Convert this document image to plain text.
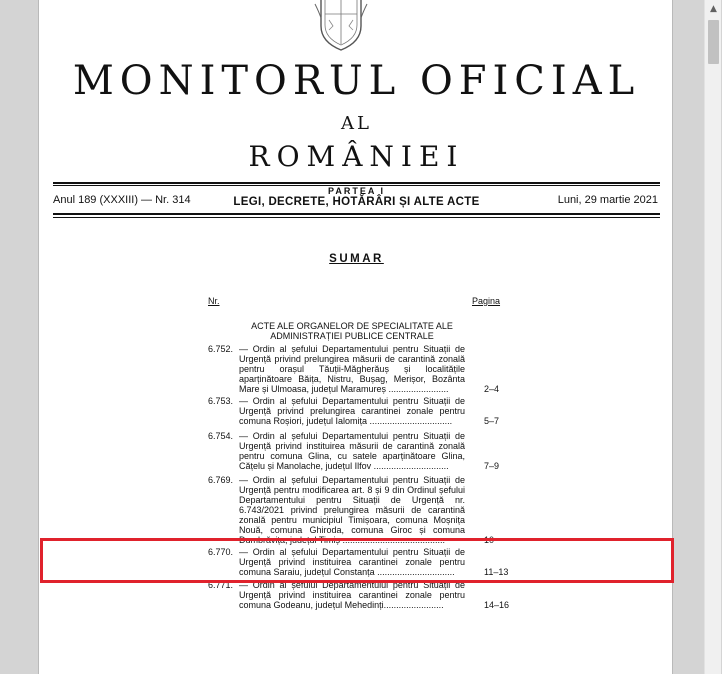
MONITORUL OFICIAL
AL
ROMÂNIEI
Anul 189 (XXXIII) — Nr. 314
PARTEA I
LEGI, DECRETE, HOTĂRÂRI ȘI ALTE ACTE	Luni, 29 martie 2021
SUMAR
Nr.	Pagina
ACTE ALE ORGANELOR DE SPECIALITATE ALE ADMINISTRAȚIEI PUBLICE CENTRALE
6.752. — Ordin al șefului Departamentului pentru Situații de Urgență privind prelungirea măsurii de carantină zonală pentru orașul Tăuții-Măgherăuș și localitățile aparținătoare Băița, Nistru, Bușag, Merișor, Bozânta Mare și Ulmoasa, județul Maramureș ........................	2–4
6.753. — Ordin al șefului Departamentului pentru Situații de Urgență privind prelungirea carantinei zonale pentru comuna Roșiori, județul Ialomița .................................	5–7
6.754. — Ordin al șefului Departamentului pentru Situații de Urgență privind instituirea măsurii de carantină zonală pentru comuna Glina, cu satele aparținătoare Glina, Cățelu și Manolache, județul Ilfov ..............................	7–9
6.769. — Ordin al șefului Departamentului pentru Situații de Urgență pentru modificarea art. 8 și 9 din Ordinul șefului Departamentului pentru Situații de Urgență nr. 6.743/2021 privind prelungirea măsurii de carantină zonală pentru municipiul Timișoara, comuna Moșnița Nouă, comuna Ghiroda, comuna Giroc și comuna Dumbrăvița, județul Timiș .........................................	10
6.770. — Ordin al șefului Departamentului pentru Situații de Urgență privind instituirea carantinei zonale pentru comuna Saraiu, județul Constanța ...............................	11–13
6.771. — Ordin al șefului Departamentului pentru Situații de Urgență privind instituirea carantinei zonale pentru comuna Godeanu, județul Mehedinți........................	14–16
▲
